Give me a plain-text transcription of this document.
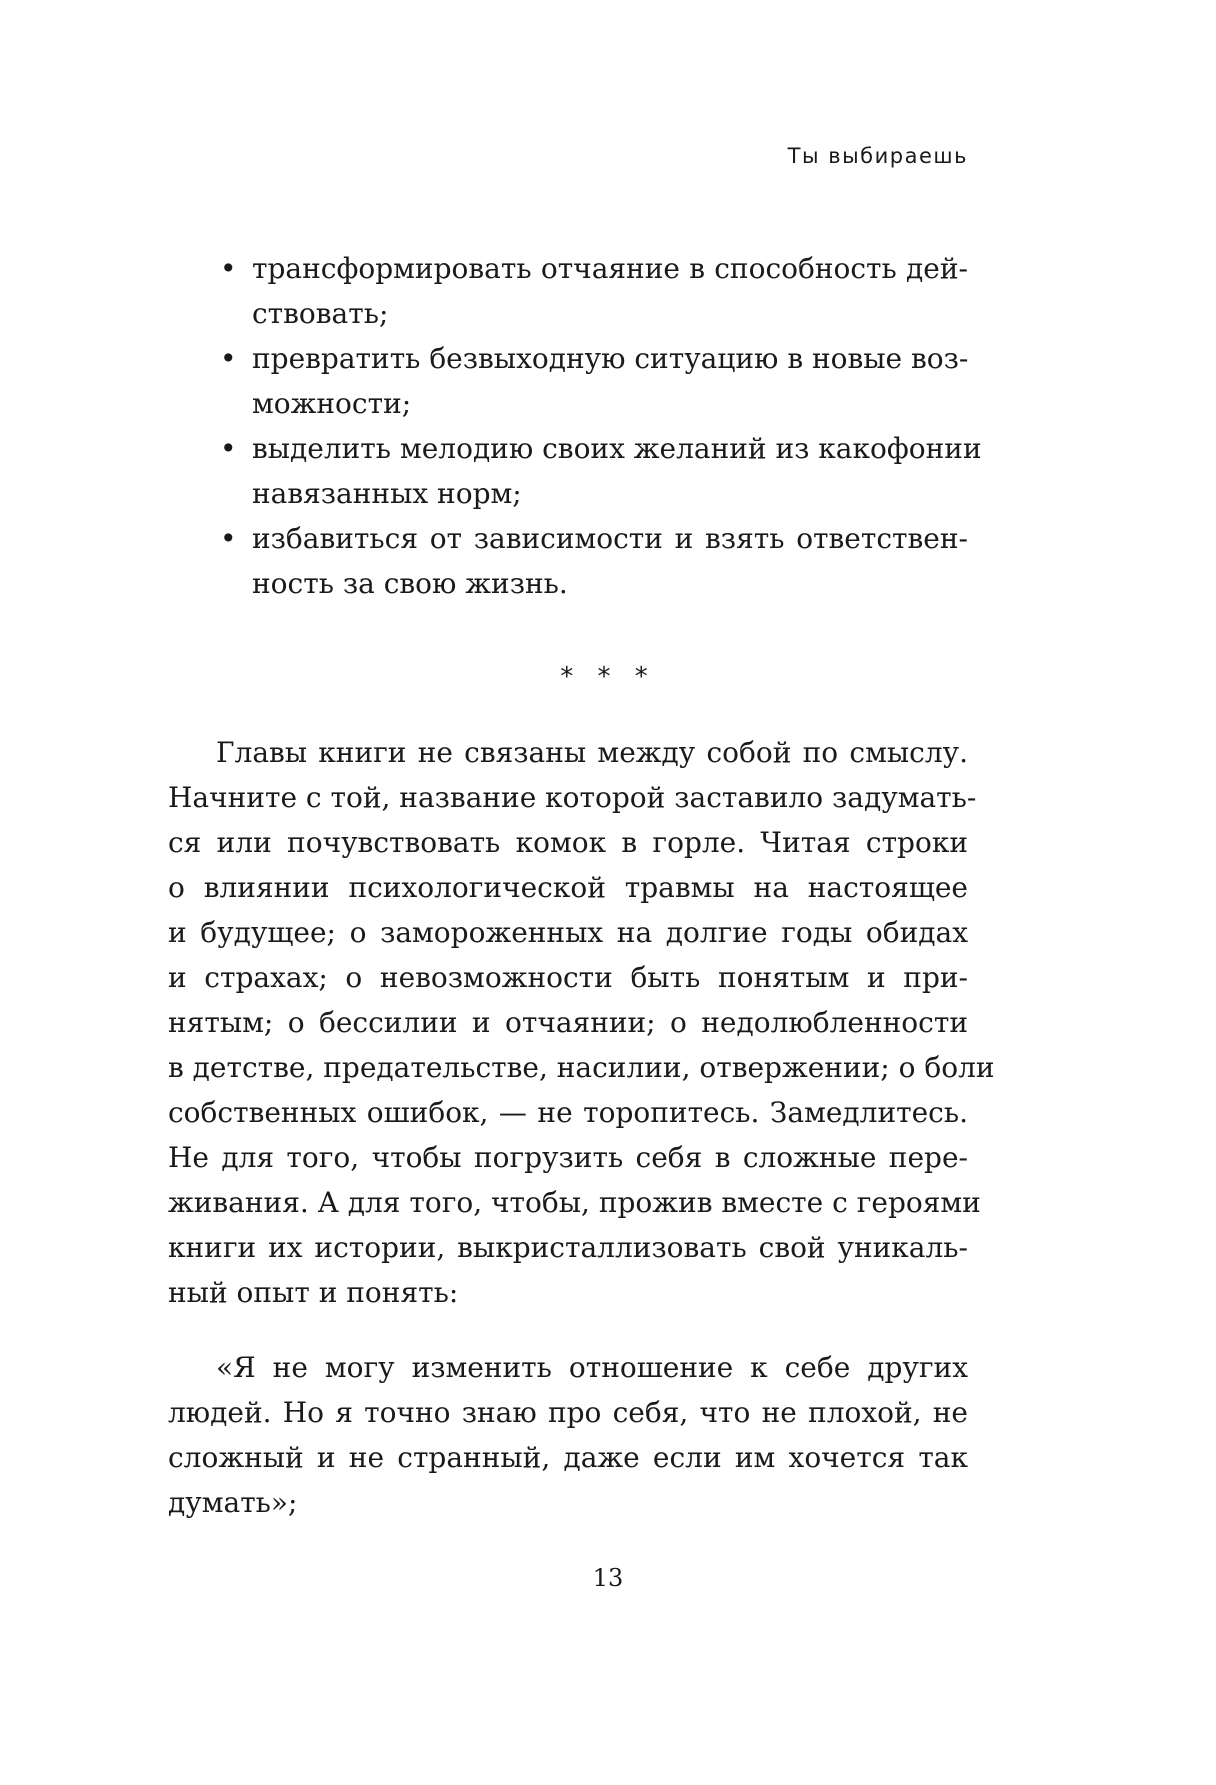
Ты выбираешь
• трансформировать отчаяние в способность дей-
ствовать;
• превратить безвыходную ситуацию в новые воз-
можности;
• выделить мелодию своих желаний из какофонии
навязанных норм;
• избавиться от зависимости и взять ответствен-
ность за свою жизнь.
* * *
Главы книги не связаны между собой по смыслу.
Начните с той, название которой заставило задумать-
ся или почувствовать комок в горле. Читая строки
о влиянии психологической травмы на настоящее
и будущее; о замороженных на долгие годы обидах
и страхах; о невозможности быть понятым и при-
нятым; о бессилии и отчаянии; о недолюбленности
в детстве, предательстве, насилии, отвержении; о боли
собственных ошибок, — не торопитесь. Замедлитесь.
Не для того, чтобы погрузить себя в сложные пере-
живания. А для того, чтобы, прожив вместе с героями
книги их истории, выкристаллизовать свой уникаль-
ный опыт и понять:
«Я не могу изменить отношение к себе других
людей. Но я точно знаю про себя, что не плохой, не
сложный и не странный, даже если им хочется так
думать»;
13
